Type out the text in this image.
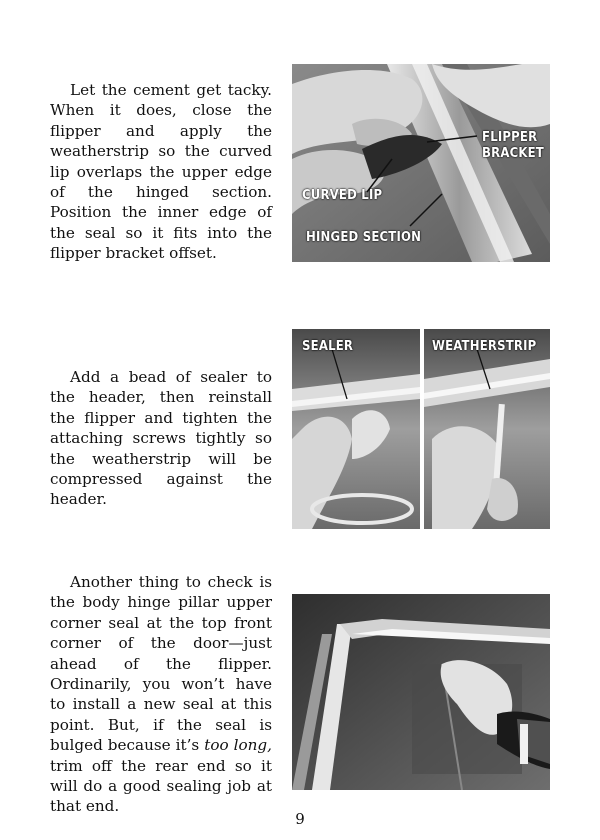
Let the cement get tacky. When it does, close the flipper and apply the weatherstrip so the curved lip overlaps the upper edge of the hinged section. Position the inner edge of the seal so it fits into the flipper bracket offset.

FLIPPER
BRACKET
CURVED LIP
HINGED SECTION

Add a bead of sealer to the header, then reinstall the flipper and tighten the attaching screws tightly so the weatherstrip will be compressed against the header.

SEALER	WEATHERSTRIP

Another thing to check is the body hinge pillar upper corner seal at the top front corner of the door—just ahead of the flipper. Ordinarily, you won’t have to install a new seal at this point. But, if the seal is bulged because it’s too long, trim off the rear end so it will do a good sealing job at that end.

9
